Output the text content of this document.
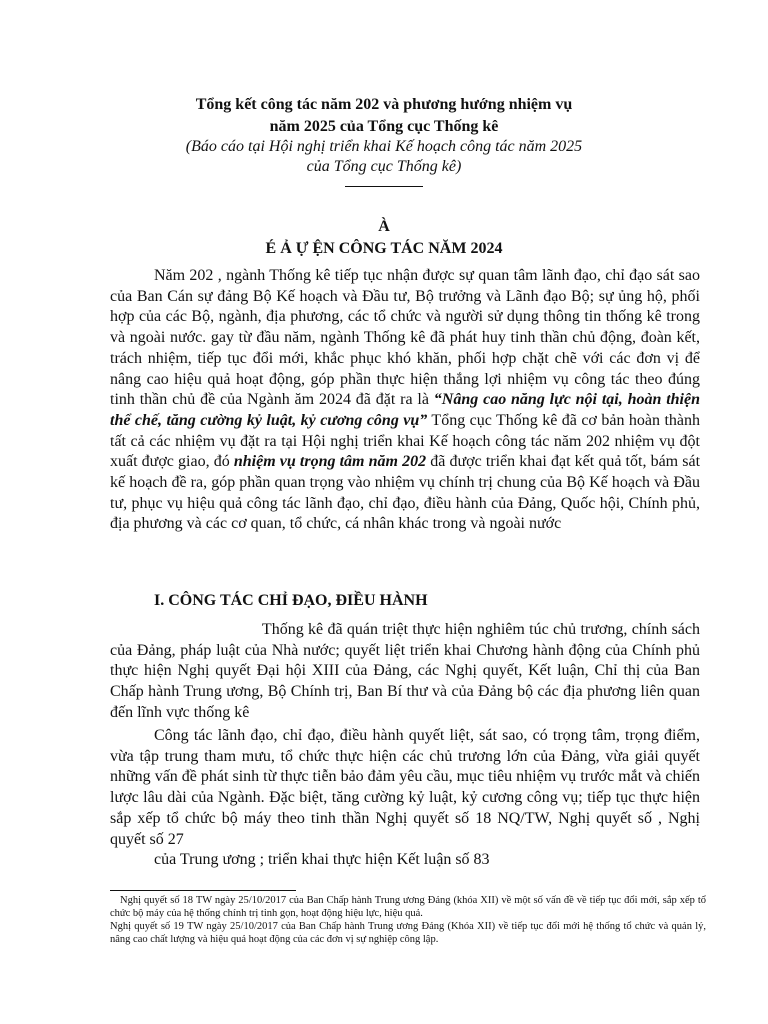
Tổng kết công tác năm 202 và phương hướng nhiệm vụ
năm 2025 của Tổng cục Thống kê
(Báo cáo tại Hội nghị triển khai Kế hoạch công tác năm 2025
của Tổng cục Thống kê)
À
É Ả Ự ỆN CÔNG TÁC NĂM 2024

Năm 202 , ngành Thống kê tiếp tục nhận được sự quan tâm lãnh đạo, chỉ đạo sát sao của Ban Cán sự đảng Bộ Kế hoạch và Đầu tư, Bộ trưởng và Lãnh đạo Bộ; sự ủng hộ, phối hợp của các Bộ, ngành, địa phương, các tổ chức và người sử dụng thông tin thống kê trong và ngoài nước. gay từ đầu năm, ngành Thống kê đã phát huy tinh thần chủ động, đoàn kết, trách nhiệm, tiếp tục đổi mới, khắc phục khó khăn, phối hợp chặt chẽ với các đơn vị để nâng cao hiệu quả hoạt động, góp phần thực hiện thắng lợi nhiệm vụ công tác theo đúng tinh thần chủ đề của Ngành ăm 2024 đã đặt ra là “Nâng cao năng lực nội tại, hoàn thiện thể chế, tăng cường kỷ luật, kỷ cương công vụ” Tổng cục Thống kê đã cơ bản hoàn thành tất cả các nhiệm vụ đặt ra tại Hội nghị triển khai Kế hoạch công tác năm 202 nhiệm vụ đột xuất được giao, đó nhiệm vụ trọng tâm năm 202 đã được triển khai đạt kết quả tốt, bám sát kế hoạch đề ra, góp phần quan trọng vào nhiệm vụ chính trị chung của Bộ Kế hoạch và Đầu tư, phục vụ hiệu quả công tác lãnh đạo, chỉ đạo, điều hành của Đảng, Quốc hội, Chính phủ, địa phương và các cơ quan, tổ chức, cá nhân khác trong và ngoài nước

I. CÔNG TÁC CHỈ ĐẠO, ĐIỀU HÀNH

Thống kê đã quán triệt thực hiện nghiêm túc chủ trương, chính sách của Đảng, pháp luật của Nhà nước; quyết liệt triển khai Chương hành động của Chính phủ thực hiện Nghị quyết Đại hội XIII của Đảng, các Nghị quyết, Kết luận, Chỉ thị của Ban Chấp hành Trung ương, Bộ Chính trị, Ban Bí thư và của Đảng bộ các địa phương liên quan đến lĩnh vực thống kê

Công tác lãnh đạo, chỉ đạo, điều hành quyết liệt, sát sao, có trọng tâm, trọng điểm, vừa tập trung tham mưu, tổ chức thực hiện các chủ trương lớn của Đảng, vừa giải quyết những vấn đề phát sinh từ thực tiễn bảo đảm yêu cầu, mục tiêu nhiệm vụ trước mắt và chiến lược lâu dài của Ngành. Đặc biệt, tăng cường kỷ luật, kỷ cương công vụ; tiếp tục thực hiện sắp xếp tổ chức bộ máy theo tinh thần Nghị quyết số 18 NQ/TW, Nghị quyết số , Nghị quyết số 27

của Trung ương ; triển khai thực hiện Kết luận số 83

Nghị quyết số 18 TW ngày 25/10/2017 của Ban Chấp hành Trung ương Đảng (khóa XII) về một số vấn đề về tiếp tục đổi mới, sắp xếp tổ chức bộ máy của hệ thống chính trị tinh gọn, hoạt động hiệu lực, hiệu quả.

Nghị quyết số 19 TW ngày 25/10/2017 của Ban Chấp hành Trung ương Đảng (Khóa XII) về tiếp tục đổi mới hệ thống tổ chức và quản lý, nâng cao chất lượng và hiệu quả hoạt động của các đơn vị sự nghiệp công lập.
